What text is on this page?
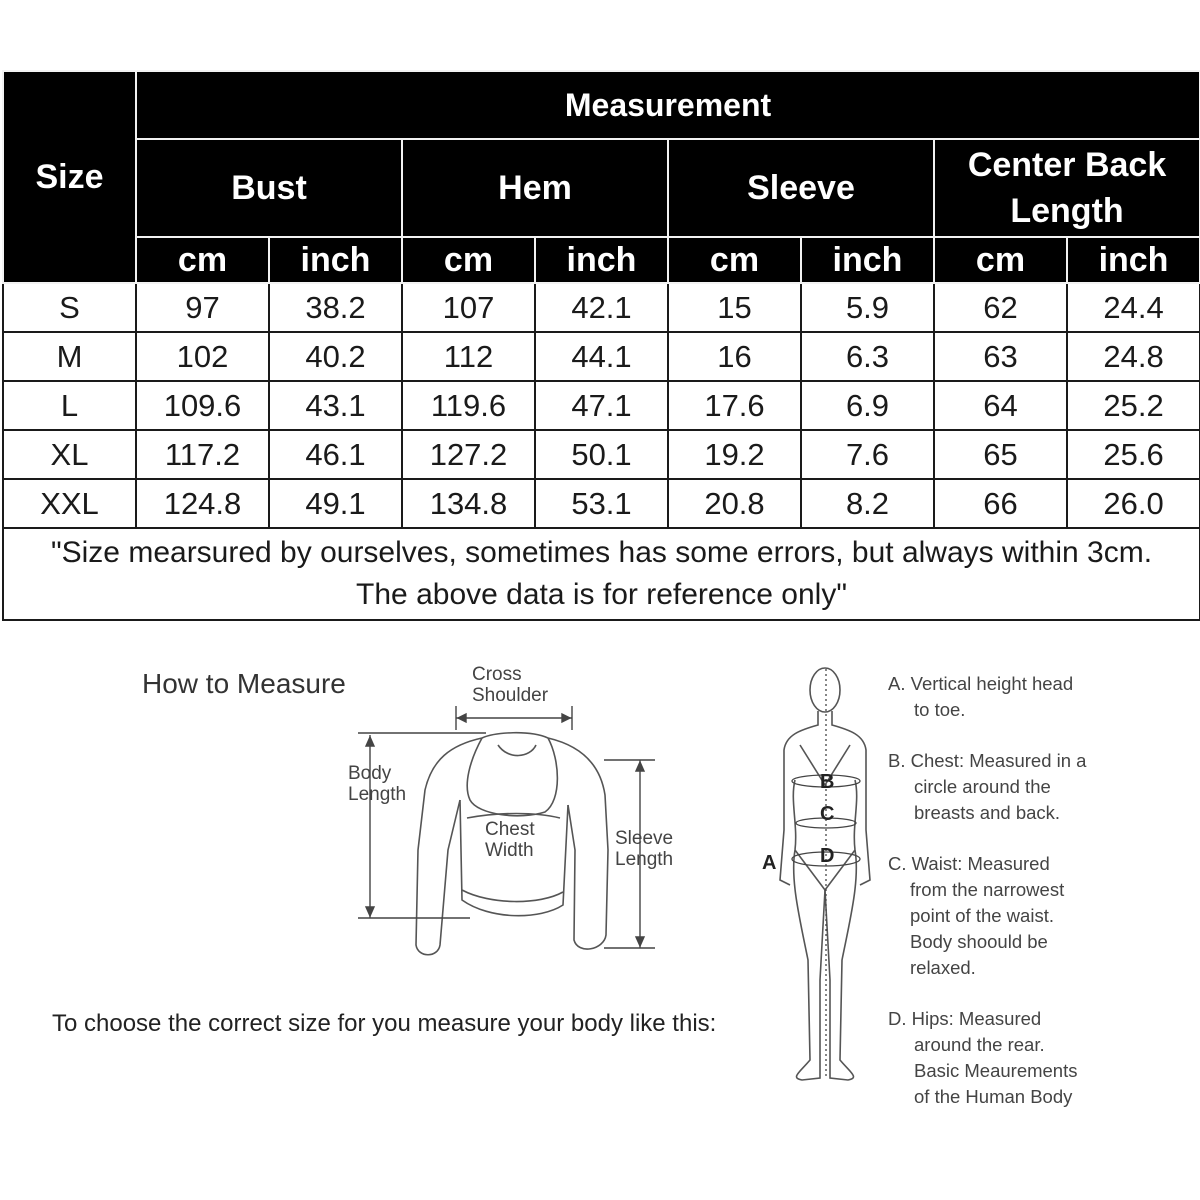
Size	Measurement							
	Bust		Hem		Sleeve		Center Back Length	
	cm	inch	cm	inch	cm	inch	cm	inch
S	97	38.2	107	42.1	15	5.9	62	24.4
M	102	40.2	112	44.1	16	6.3	63	24.8
L	109.6	43.1	119.6	47.1	17.6	6.9	64	25.2
XL	117.2	46.1	127.2	50.1	19.2	7.6	65	25.6
XXL	124.8	49.1	134.8	53.1	20.8	8.2	66	26.0

"Size mearsured by ourselves, sometimes has some errors, but always within 3cm.
The above data is for reference only"								
How to Measure	Cross
Shoulder
Body
Length
Chest
Width
Sleeve
Length	A
B
C
D
A. Vertical height head
to toe.
B. Chest: Measured in a
circle around the
breasts and back.
C. Waist: Measured
from the narrowest
point of the waist.
Body shoould be
relaxed.
D. Hips: Measured
around the rear.
Basic Meaurements
of the Human Body
To choose the correct size for you measure your body like this:
